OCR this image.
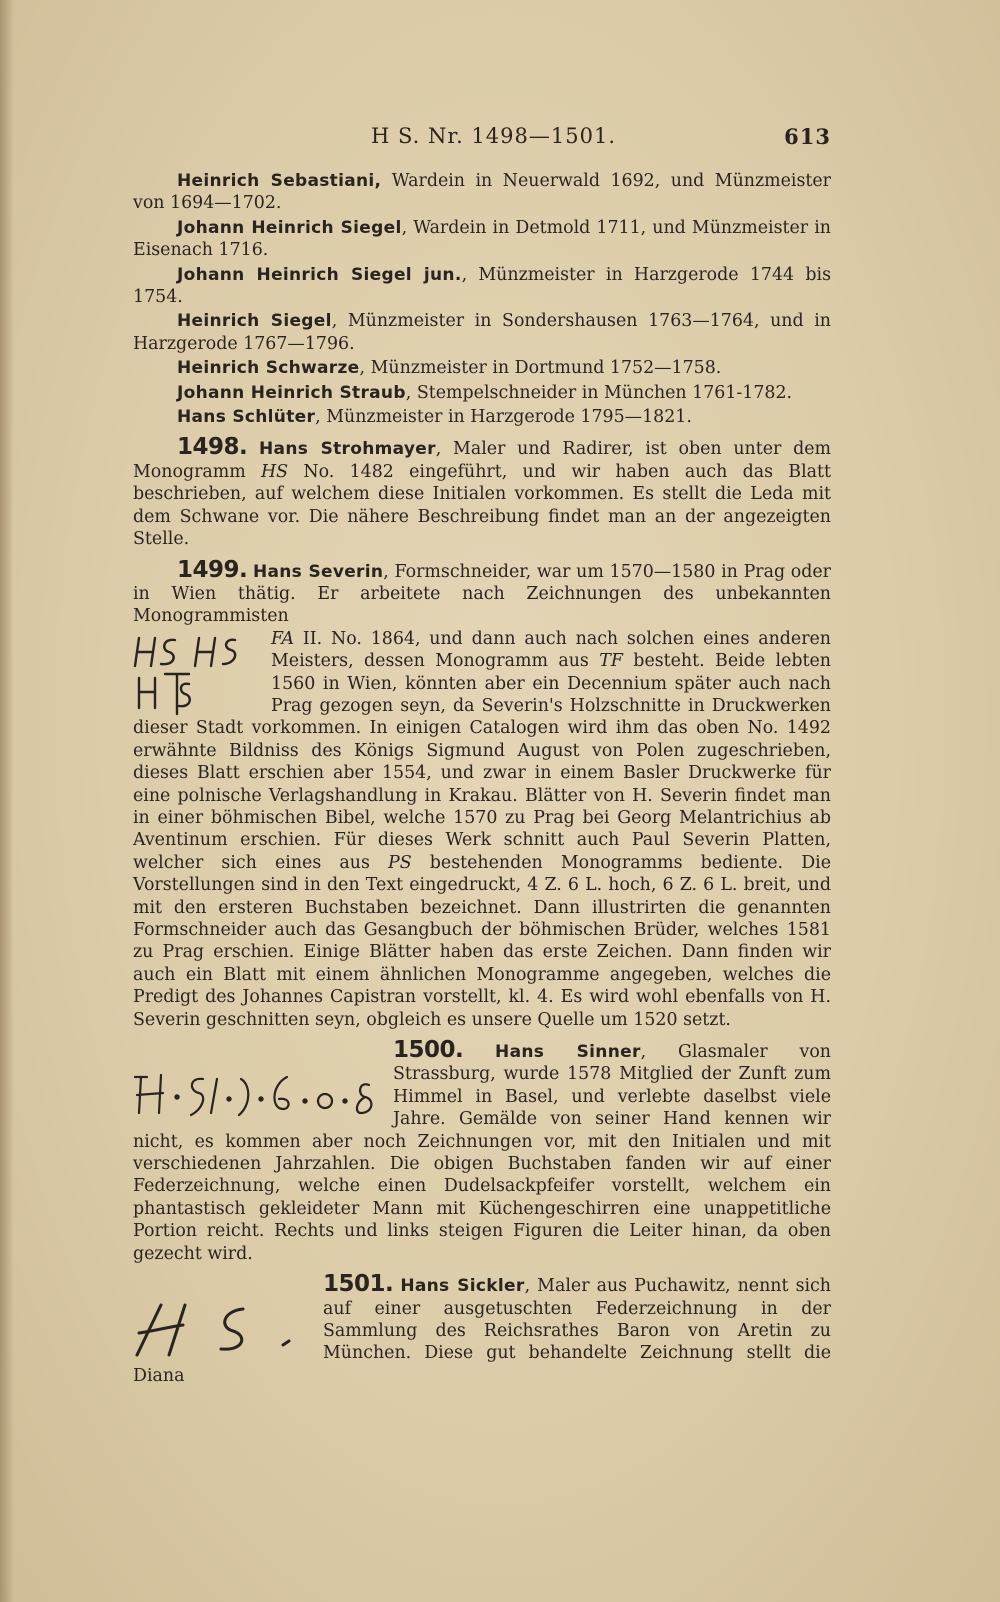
H S. Nr. 1498—1501.	613

Heinrich Sebastiani, Wardein in Neuerwald 1692, und Münzmeister von 1694—1702.

Johann Heinrich Siegel, Wardein in Detmold 1711, und Münzmeister in Eisenach 1716.

Johann Heinrich Siegel jun., Münzmeister in Harzgerode 1744 bis 1754.

Heinrich Siegel, Münzmeister in Sondershausen 1763—1764, und in Harzgerode 1767—1796.

Heinrich Schwarze, Münzmeister in Dortmund 1752—1758.

Johann Heinrich Straub, Stempelschneider in München 1761-1782.

Hans Schlüter, Münzmeister in Harzgerode 1795—1821.

1498. Hans Strohmayer, Maler und Radirer, ist oben unter dem Monogramm HS No. 1482 eingeführt, und wir haben auch das Blatt beschrieben, auf welchem diese Initialen vorkommen. Es stellt die Leda mit dem Schwane vor. Die nähere Beschreibung findet man an der angezeigten Stelle.
1499. Hans Severin, Formschneider, war um 1570—1580 in Prag oder in Wien thätig. Er arbeitete nach Zeichnungen des unbekannten Monogrammisten
FA II. No. 1864, und dann auch nach solchen eines anderen Meisters, dessen Monogramm aus TF besteht. Beide lebten 1560 in Wien, könnten aber ein Decennium später auch nach Prag gezogen seyn, da Severin's Holzschnitte in Druckwerken dieser Stadt vorkommen. In einigen Catalogen wird ihm das oben No. 1492 erwähnte Bildniss des Königs Sigmund August von Polen zugeschrieben, dieses Blatt erschien aber 1554, und zwar in einem Basler Druckwerke für eine polnische Verlagshandlung in Krakau. Blätter von H. Severin findet man in einer böhmischen Bibel, welche 1570 zu Prag bei Georg Melantrichius ab Aventinum erschien. Für dieses Werk schnitt auch Paul Severin Platten, welcher sich eines aus PS bestehenden Monogramms bediente. Die Vorstellungen sind in den Text eingedruckt, 4 Z. 6 L. hoch, 6 Z. 6 L. breit, und mit den ersteren Buchstaben bezeichnet. Dann illustrirten die genannten Formschneider auch das Gesangbuch der böhmischen Brüder, welches 1581 zu Prag erschien. Einige Blätter haben das erste Zeichen. Dann finden wir auch ein Blatt mit einem ähnlichen Monogramme angegeben, welches die Predigt des Johannes Capistran vorstellt, kl. 4. Es wird wohl ebenfalls von H. Severin geschnitten seyn, obgleich es unsere Quelle um 1520 setzt.
1500. Hans Sinner, Glasmaler von Strassburg, wurde 1578 Mitglied der Zunft zum Himmel in Basel, und verlebte daselbst viele Jahre. Gemälde von seiner Hand kennen wir nicht, es kommen aber noch Zeichnungen vor, mit den Initialen und mit verschiedenen Jahrzahlen. Die obigen Buchstaben fanden wir auf einer Federzeichnung, welche einen Dudelsackpfeifer vorstellt, welchem ein phantastisch gekleideter Mann mit Küchengeschirren eine unappetitliche Portion reicht. Rechts und links steigen Figuren die Leiter hinan, da oben gezecht wird.
1501. Hans Sickler, Maler aus Puchawitz, nennt sich auf einer ausgetuschten Federzeichnung in der Sammlung des Reichsrathes Baron von Aretin zu München. Diese gut behandelte Zeichnung stellt die Diana
